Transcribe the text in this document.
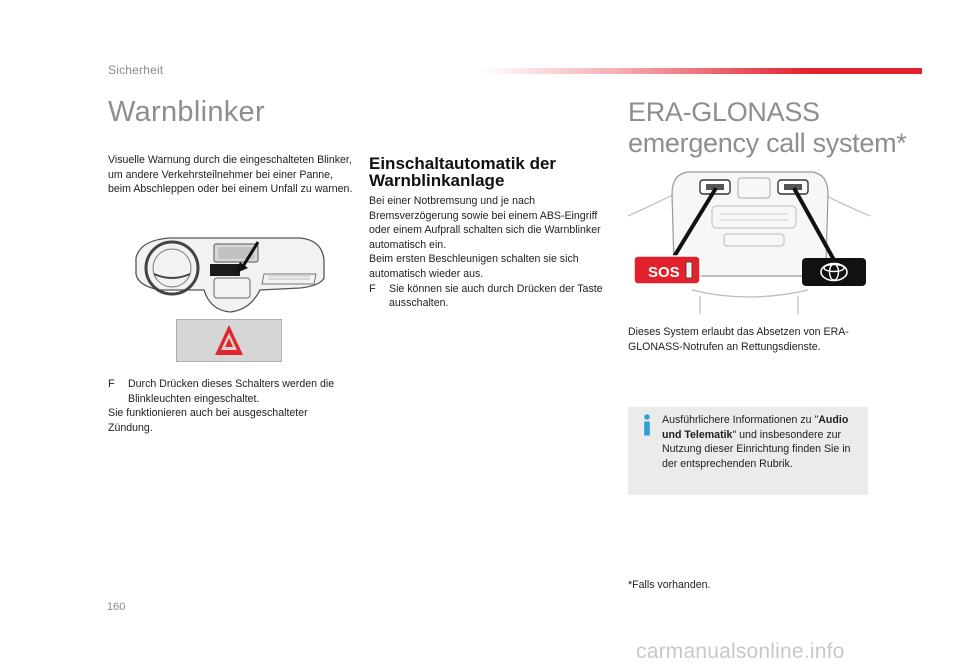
Sicherheit
Warnblinker
Visuelle Warnung durch die eingeschalteten Blinker, um andere Verkehrsteilnehmer bei einer Panne, beim Abschleppen oder bei einem Unfall zu warnen.
F	Durch Drücken dieses Schalters werden die Blinkleuchten eingeschaltet.
Sie funktionieren auch bei ausgeschalteter Zündung.
Einschaltautomatik der
Warnblinkanlage
Bei einer Notbremsung und je nach Bremsverzögerung sowie bei einem ABS-Eingriff oder einem Aufprall schalten sich die Warnblinker automatisch ein.
Beim ersten Beschleunigen schalten sie sich automatisch wieder aus.
F	Sie können sie auch durch Drücken der Taste ausschalten.
ERA-GLONASS
emergency call system*
SOS
Dieses System erlaubt das Absetzen von ERA-GLONASS-Notrufen an Rettungsdienste.
Ausführlichere Informationen zu "Audio und Telematik" und insbesondere zur Nutzung dieser Einrichtung finden Sie in der entsprechenden Rubrik.
*Falls vorhanden.
160
carmanualsonline.info
